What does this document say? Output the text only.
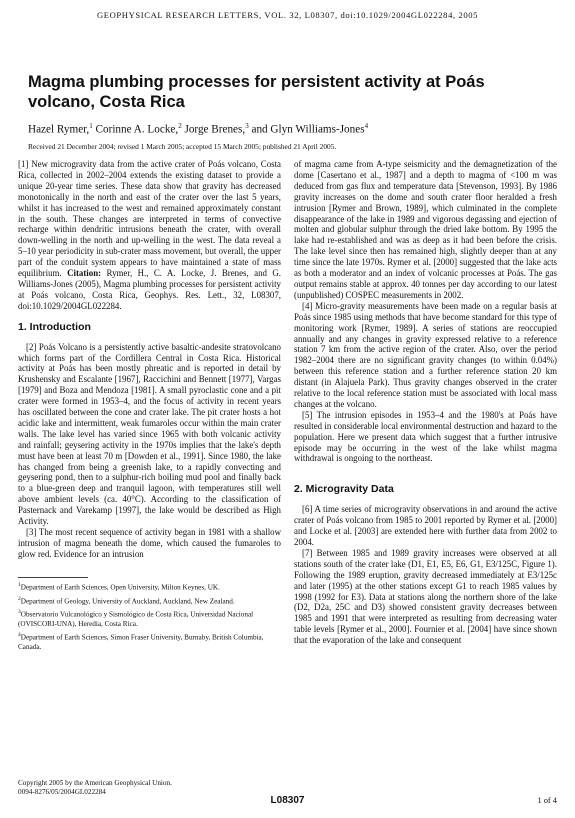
GEOPHYSICAL RESEARCH LETTERS, VOL. 32, L08307, doi:10.1029/2004GL022284, 2005
Magma plumbing processes for persistent activity at Poás volcano, Costa Rica
Hazel Rymer,$^1$ Corinne A. Locke,$^2$ Jorge Brenes,$^3$ and Glyn Williams-Jones$^4$
Received 21 December 2004; revised 1 March 2005; accepted 15 March 2005; published 21 April 2005.

[1] New microgravity data from the active crater of Poás volcano, Costa Rica, collected in 2002–2004 extends the existing dataset to provide a unique 20-year time series. These data show that gravity has decreased monotonically in the north and east of the crater over the last 5 years, whilst it has increased to the west and remained approximately constant in the south. These changes are interpreted in terms of convective recharge within dendritic intrusions beneath the crater, with overall down-welling in the north and up-welling in the west. The data reveal a 5–10 year periodicity in sub-crater mass movement, but overall, the upper part of the conduit system appears to have maintained a state of mass equilibrium. Citation: Rymer, H., C. A. Locke, J. Brenes, and G. Williams-Jones (2005), Magma plumbing processes for persistent activity at Poás volcano, Costa Rica, Geophys. Res. Lett., 32, L08307, doi:10.1029/2004GL022284.

1. Introduction

[2] Poás Volcano is a persistently active basaltic-andesite stratovolcano which forms part of the Cordillera Central in Costa Rica. Historical activity at Poás has been mostly phreatic and is reported in detail by Krushensky and Escalante [1967], Raccichini and Bennett [1977], Vargas [1979] and Boza and Mendoza [1981]. A small pyroclastic cone and a pit crater were formed in 1953–4, and the focus of activity in recent years has oscillated between the cone and crater lake. The pit crater hosts a hot acidic lake and intermittent, weak fumaroles occur within the main crater walls. The lake level has varied since 1965 with both volcanic activity and rainfall; geysering activity in the 1970s implies that the lake's depth must have been at least 70 m [Dowden et al., 1991]. Since 1980, the lake has changed from being a greenish lake, to a rapidly convecting and geysering pond, then to a sulphur-rich boiling mud pool and finally back to a blue-green deep and tranquil lagoon, with temperatures still well above ambient levels (ca. 40°C). According to the classification of Pasternack and Varekamp [1997], the lake would be described as High Activity.

[3] The most recent sequence of activity began in 1981 with a shallow intrusion of magma beneath the dome, which caused the fumaroles to glow red. Evidence for an intrusion

$^1$Department of Earth Sciences, Open University, Milton Keynes, UK.

$^2$Department of Geology, University of Auckland, Auckland, New Zealand.

$^3$Observatorio Vulcanológico y Sismológico de Costa Rica, Universidad Nacional (OVISCORI-UNA), Heredia, Costa Rica.

$^4$Department of Earth Sciences, Simon Fraser University, Burnaby, British Columbia, Canada.

Copyright 2005 by the American Geophysical Union.
0094-8276/05/2004GL022284

of magma came from A-type seismicity and the demagnetization of the dome [Casertano et al., 1987] and a depth to magma of <100 m was deduced from gas flux and temperature data [Stevenson, 1993]. By 1986 gravity increases on the dome and south crater floor heralded a fresh intrusion [Rymer and Brown, 1989], which culminated in the complete disappearance of the lake in 1989 and vigorous degassing and ejection of molten and globular sulphur through the dried lake bottom. By 1995 the lake had re-established and was as deep as it had been before the crisis. The lake level since then has remained high, slightly deeper than at any time since the late 1970s. Rymer et al. [2000] suggested that the lake acts as both a moderator and an index of volcanic processes at Poás. The gas output remains stable at approx. 40 tonnes per day according to our latest (unpublished) COSPEC measurements in 2002.

[4] Micro-gravity measurements have been made on a regular basis at Poás since 1985 using methods that have become standard for this type of monitoring work [Rymer, 1989]. A series of stations are reoccupied annually and any changes in gravity expressed relative to a reference station 7 km from the active region of the crater. Also, over the period 1982–2004 there are no significant gravity changes (to within 0.04%) between this reference station and a further reference station 20 km distant (in Alajuela Park). Thus gravity changes observed in the crater relative to the local reference station must be associated with local mass changes at the volcano.

[5] The intrusion episodes in 1953–4 and the 1980's at Poás have resulted in considerable local environmental destruction and hazard to the population. Here we present data which suggest that a further intrusive episode may be occurring in the west of the lake whilst magma withdrawal is ongoing to the northeast.

2. Microgravity Data

[6] A time series of microgravity observations in and around the active crater of Poás volcano from 1985 to 2001 reported by Rymer et al. [2000] and Locke et al. [2003] are extended here with further data from 2002 to 2004.

[7] Between 1985 and 1989 gravity increases were observed at all stations south of the crater lake (D1, E1, E5, E6, G1, E3/125C, Figure 1). Following the 1989 eruption, gravity decreased immediately at E3/125c and later (1995) at the other stations except G1 to reach 1985 values by 1998 (1992 for E3). Data at stations along the northern shore of the lake (D2, D2a, 25C and D3) showed consistent gravity decreases between 1985 and 1991 that were interpreted as resulting from decreasing water table levels [Rymer et al., 2000]. Fournier et al. [2004] have since shown that the evaporation of the lake and consequent

L08307	1 of 4
